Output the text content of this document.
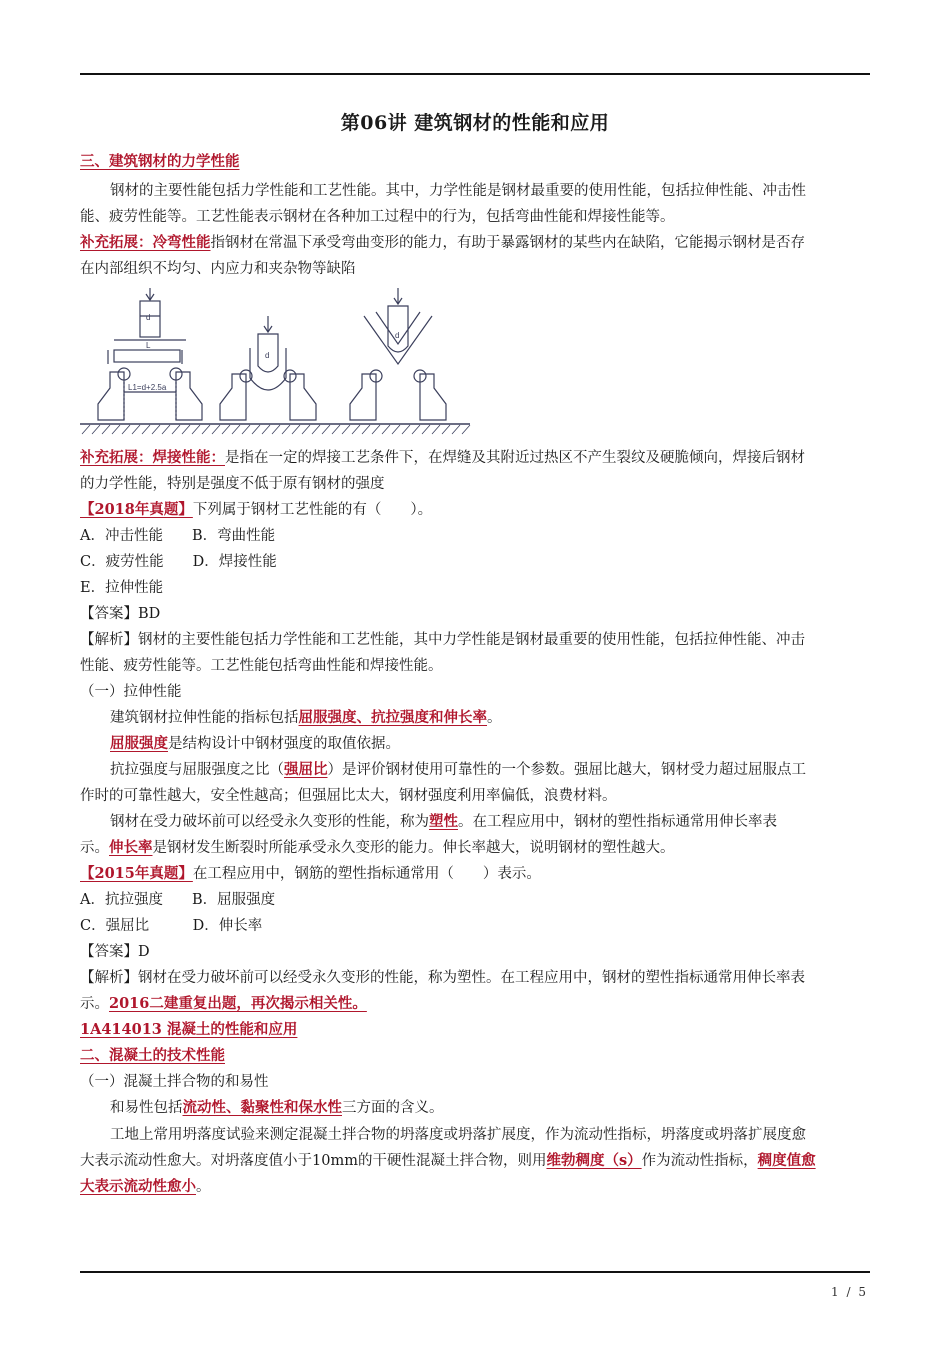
第06讲 建筑钢材的性能和应用
三、建筑钢材的力学性能
钢材的主要性能包括力学性能和工艺性能。其中，力学性能是钢材最重要的使用性能，包括拉伸性能、冲击性
能、疲劳性能等。工艺性能表示钢材在各种加工过程中的行为，包括弯曲性能和焊接性能等。
补充拓展：冷弯性能指钢材在常温下承受弯曲变形的能力，有助于暴露钢材的某些内在缺陷，它能揭示钢材是否存
在内部组织不均匀、内应力和夹杂物等缺陷
补充拓展：焊接性能：是指在一定的焊接工艺条件下，在焊缝及其附近过热区不产生裂纹及硬脆倾向，焊接后钢材
的力学性能，特别是强度不低于原有钢材的强度
【2018年真题】下列属于钢材工艺性能的有（　　）。
A．冲击性能　　B．弯曲性能
C．疲劳性能　　D．焊接性能
E．拉伸性能
【答案】BD
【解析】钢材的主要性能包括力学性能和工艺性能，其中力学性能是钢材最重要的使用性能，包括拉伸性能、冲击
性能、疲劳性能等。工艺性能包括弯曲性能和焊接性能。
（一）拉伸性能
建筑钢材拉伸性能的指标包括屈服强度、抗拉强度和伸长率。
屈服强度是结构设计中钢材强度的取值依据。
抗拉强度与屈服强度之比（强屈比）是评价钢材使用可靠性的一个参数。强屈比越大，钢材受力超过屈服点工
作时的可靠性越大，安全性越高；但强屈比太大，钢材强度利用率偏低，浪费材料。
钢材在受力破坏前可以经受永久变形的性能，称为塑性。在工程应用中，钢材的塑性指标通常用伸长率表
示。伸长率是钢材发生断裂时所能承受永久变形的能力。伸长率越大，说明钢材的塑性越大。
【2015年真题】在工程应用中，钢筋的塑性指标通常用（　　）表示。
A．抗拉强度　　B．屈服强度
C．强屈比　　　D．伸长率
【答案】D
【解析】钢材在受力破坏前可以经受永久变形的性能，称为塑性。在工程应用中，钢材的塑性指标通常用伸长率表
示。2016二建重复出题，再次揭示相关性。
1A414013 混凝土的性能和应用
二、混凝土的技术性能
（一）混凝土拌合物的和易性
和易性包括流动性、黏聚性和保水性三方面的含义。
工地上常用坍落度试验来测定混凝土拌合物的坍落度或坍落扩展度，作为流动性指标，坍落度或坍落扩展度愈
大表示流动性愈大。对坍落度值小于10mm的干硬性混凝土拌合物，则用维勃稠度（s）作为流动性指标，稠度值愈
大表示流动性愈小。
d
L
L1=d+2.5a
d
d
1 / 5
